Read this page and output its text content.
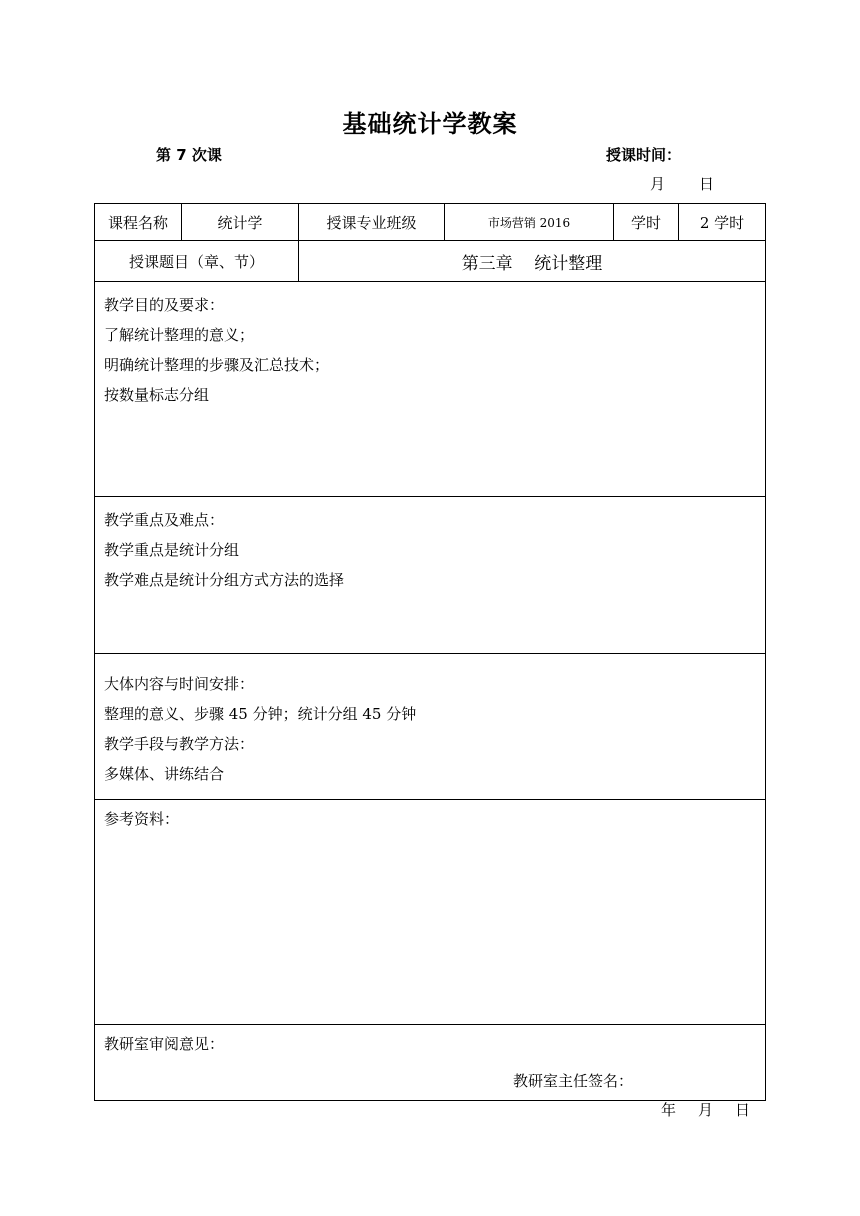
基础统计学教案
第 7 次课	授课时间：
月 日
课程名称	统计学	授课专业班级	市场营销 2016	学时	2 学时
授课题目（章、节）	第三章    统计整理
教学目的及要求：
了解统计整理的意义；
明确统计整理的步骤及汇总技术；
按数量标志分组
教学重点及难点：
教学重点是统计分组
教学难点是统计分组方式方法的选择
大体内容与时间安排：
整理的意义、步骤 45 分钟；统计分组 45 分钟
教学手段与教学方法：
多媒体、讲练结合
参考资料：
教研室审阅意见：
教研室主任签名：
年 月 日
